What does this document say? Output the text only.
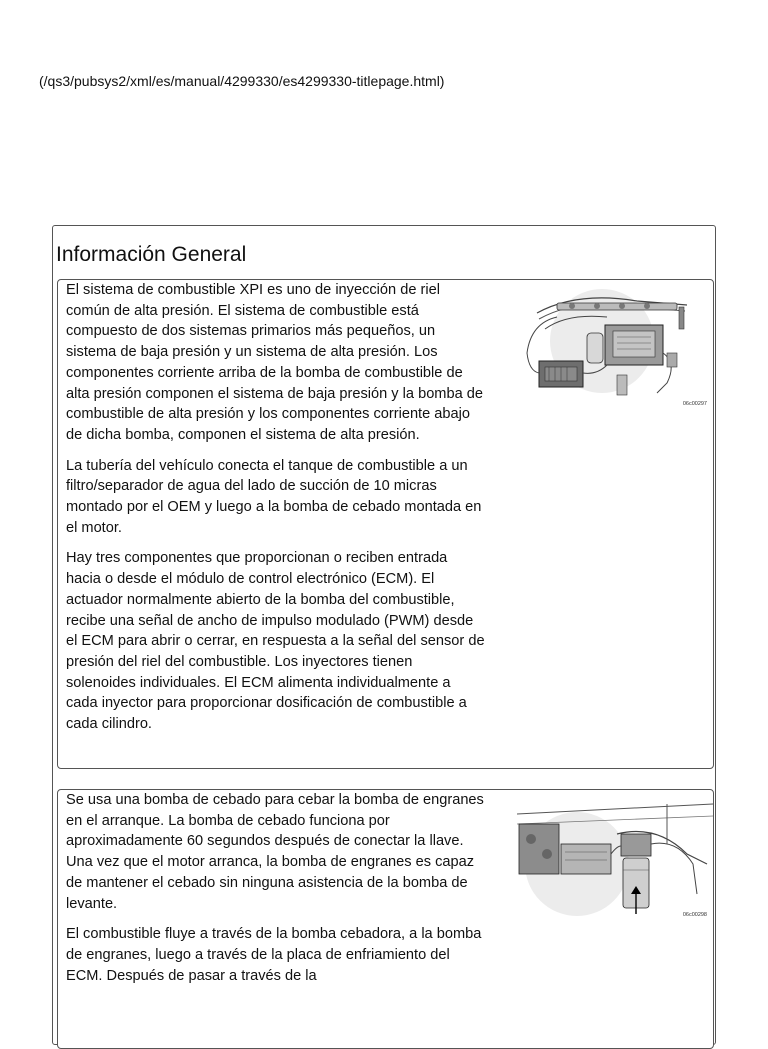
(/qs3/pubsys2/xml/es/manual/4299330/es4299330-titlepage.html)
Información General

El sistema de combustible XPI es uno de inyección de riel común de alta presión. El sistema de combustible está compuesto de dos sistemas primarios más pequeños, un sistema de baja presión y un sistema de alta presión. Los componentes corriente arriba de la bomba de combustible de alta presión componen el sistema de baja presión y la bomba de combustible de alta presión y los componentes corriente abajo de dicha bomba, componen el sistema de alta presión.

La tubería del vehículo conecta el tanque de combustible a un filtro/separador de agua del lado de succión de 10 micras montado por el OEM y luego a la bomba de cebado montada en el motor.

Hay tres componentes que proporcionan o reciben entrada hacia o desde el módulo de control electrónico (ECM). El actuador normalmente abierto de la bomba del combustible, recibe una señal de ancho de impulso modulado (PWM) desde el ECM para abrir o cerrar, en respuesta a la señal del sensor de presión del riel del combustible. Los inyectores tienen solenoides individuales. El ECM alimenta individualmente a cada inyector para proporcionar dosificación de combustible a cada cilindro.

06c00297

Se usa una bomba de cebado para cebar la bomba de engranes en el arranque. La bomba de cebado funciona por aproximadamente 60 segundos después de conectar la llave. Una vez que el motor arranca, la bomba de engranes es capaz de mantener el cebado sin ninguna asistencia de la bomba de levante.

El combustible fluye a través de la bomba cebadora, a la bomba de engranes, luego a través de la placa de enfriamiento del ECM. Después de pasar a través de la

06c00298
